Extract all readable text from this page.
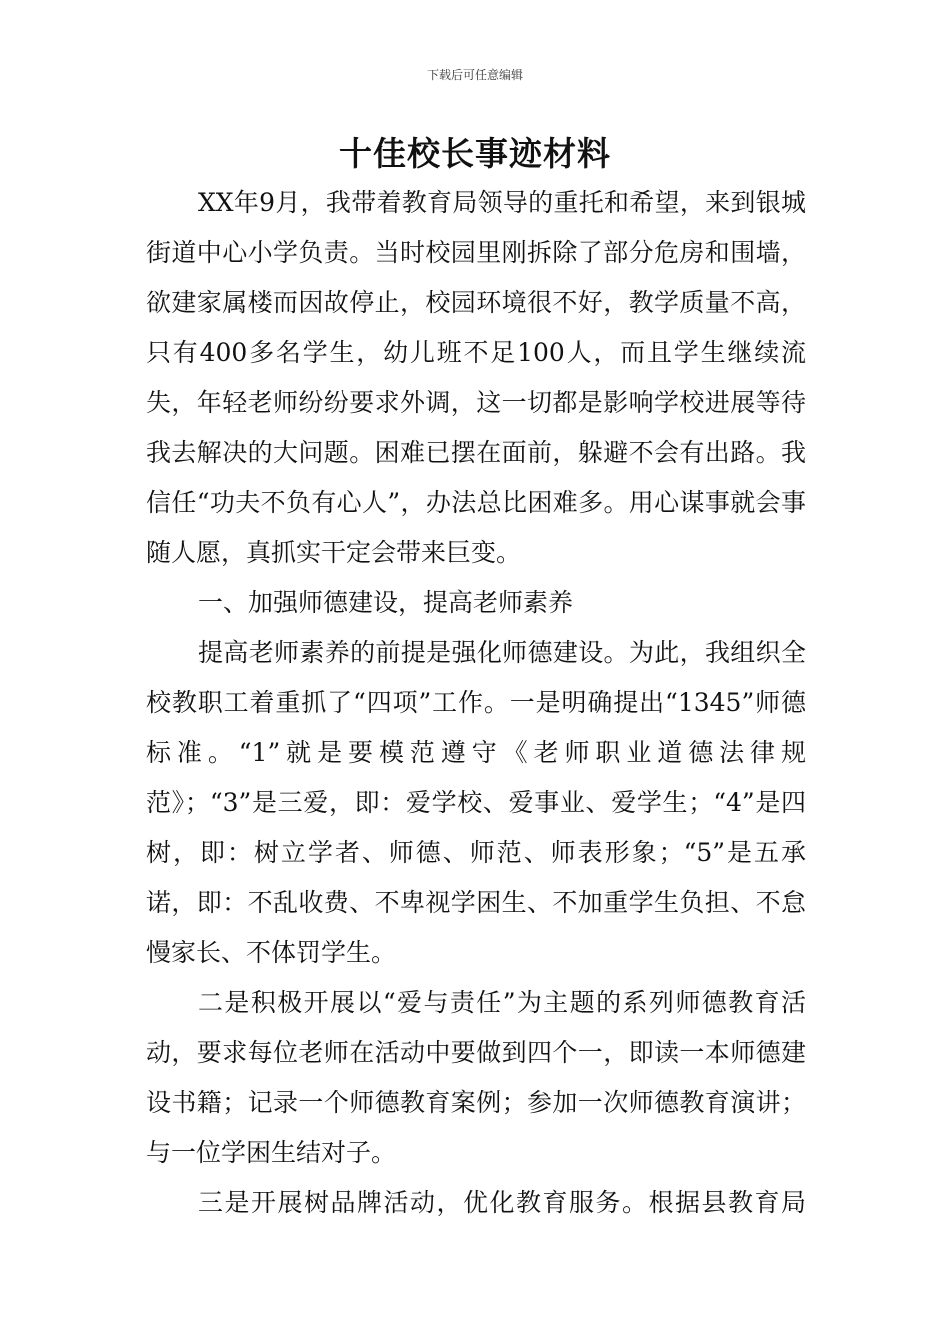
下载后可任意编辑
十佳校长事迹材料

XX年9月，我带着教育局领导的重托和希望，来到银城街道中心小学负责。当时校园里刚拆除了部分危房和围墙，欲建家属楼而因故停止，校园环境很不好，教学质量不高，只有400多名学生，幼儿班不足100人，而且学生继续流失，年轻老师纷纷要求外调，这一切都是影响学校进展等待我去解决的大问题。困难已摆在面前，躲避不会有出路。我信任“功夫不负有心人”，办法总比困难多。用心谋事就会事随人愿，真抓实干定会带来巨变。

一、加强师德建设，提高老师素养

提高老师素养的前提是强化师德建设。为此，我组织全校教职工着重抓了“四项”工作。一是明确提出“1345”师德标准。“1”就是要模范遵守《老师职业道德法律规范》；“3”是三爱，即：爱学校、爱事业、爱学生；“4”是四树，即：树立学者、师德、师范、师表形象；“5”是五承诺，即：不乱收费、不卑视学困生、不加重学生负担、不怠慢家长、不体罚学生。

二是积极开展以“爱与责任”为主题的系列师德教育活动，要求每位老师在活动中要做到四个一，即读一本师德建设书籍；记录一个师德教育案例；参加一次师德教育演讲；与一位学困生结对子。

三是开展树品牌活动，优化教育服务。根据县教育局
